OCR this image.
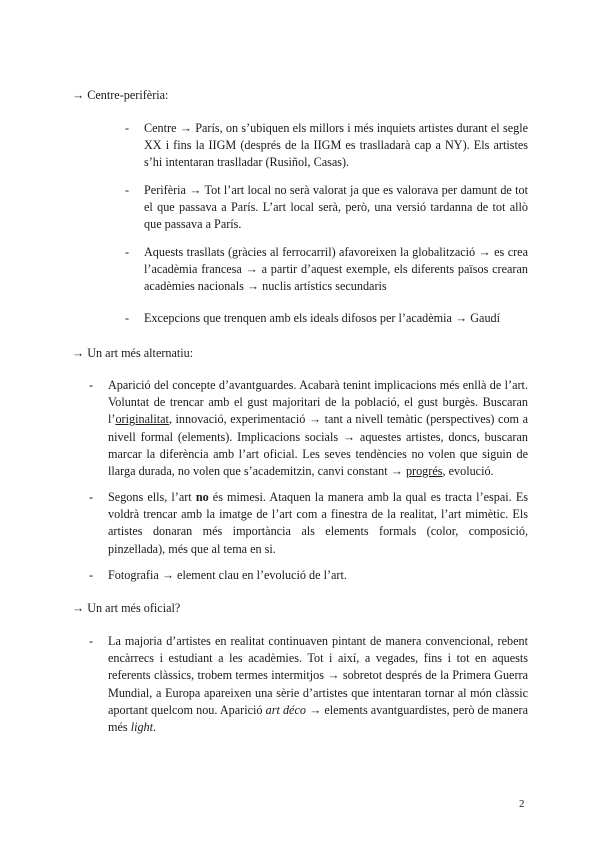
→ Centre-perifèria:
- Centre → París, on s’ubiquen els millors i més inquiets artistes durant el segle XX i fins la IIGM (després de la IIGM es traslladarà cap a NY). Els artistes s’hi intentaran traslladar (Rusiñol, Casas).
- Perifèria → Tot l’art local no serà valorat ja que es valorava per damunt de tot el que passava a París. L’art local serà, però, una versió tardanna de tot allò que passava a París.
- Aquests trasllats (gràcies al ferrocarril) afavoreixen la globalització → es crea l’acadèmia francesa → a partir d’aquest exemple, els diferents països crearan acadèmies nacionals → nuclis artístics secundaris
- Excepcions que trenquen amb els ideals difosos per l’acadèmia → Gaudí
→ Un art més alternatiu:
- Aparició del concepte d’avantguardes. Acabarà tenint implicacions més enllà de l’art. Voluntat de trencar amb el gust majoritari de la població, el gust burgès. Buscaran l’originalitat, innovació, experimentació → tant a nivell temàtic (perspectives) com a nivell formal (elements). Implicacions socials → aquestes artistes, doncs, buscaran marcar la diferència amb l’art oficial. Les seves tendències no volen que siguin de llarga durada, no volen que s’academitzin, canvi constant → progrés, evolució.
- Segons ells, l’art no és mimesi. Ataquen la manera amb la qual es tracta l’espai. Es voldrà trencar amb la imatge de l’art com a finestra de la realitat, l’art mimètic. Els artistes donaran més importància als elements formals (color, composició, pinzellada), més que al tema en si.
- Fotografia → element clau en l’evolució de l’art.
→ Un art més oficial?
- La majoria d’artistes en realitat continuaven pintant de manera convencional, rebent encàrrecs i estudiant a les acadèmies. Tot i així, a vegades, fins i tot en aquests referents clàssics, trobem termes intermitjos → sobretot després de la Primera Guerra Mundial, a Europa apareixen una sèrie d’artistes que intentaran tornar al món clàssic aportant quelcom nou. Aparició art déco → elements avantguardistes, però de manera més light.
2
